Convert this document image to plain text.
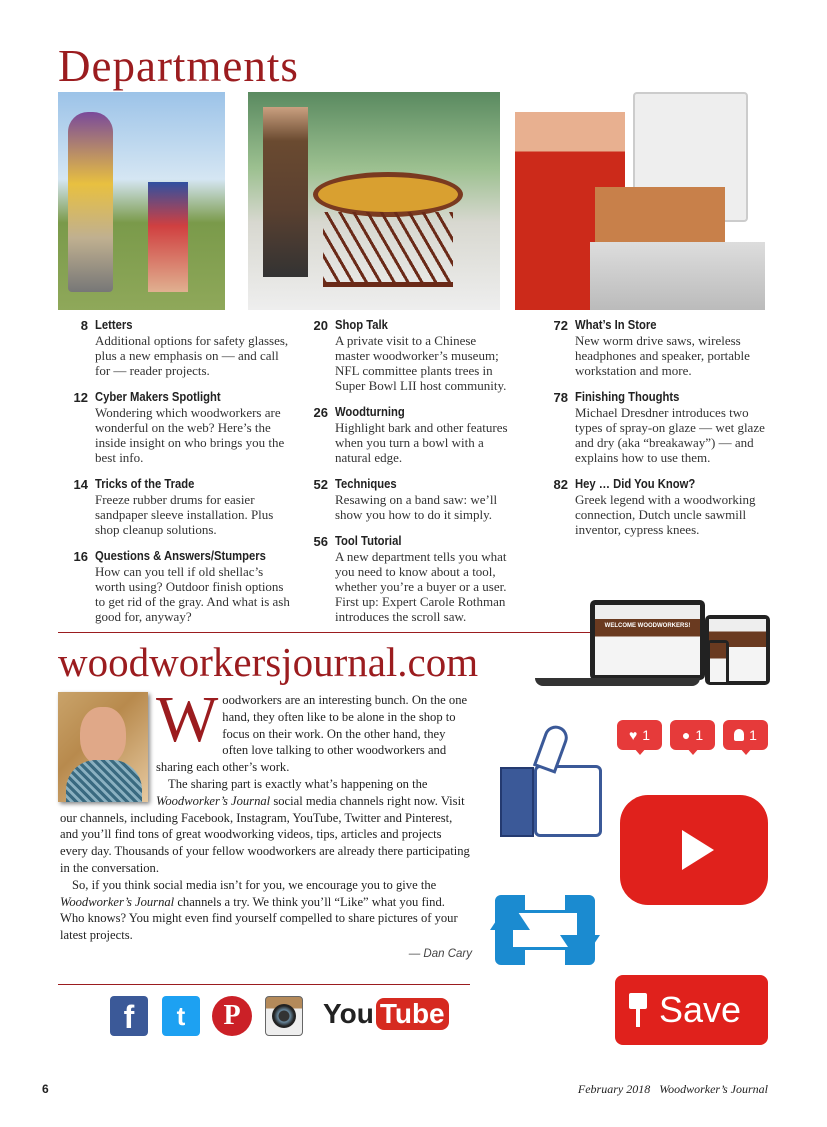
Departments
8 Letters
Additional options for safety glasses, plus a new emphasis on — and call for — reader projects.
12 Cyber Makers Spotlight
Wondering which woodworkers are wonderful on the web? Here’s the inside insight on who brings you the best info.
14 Tricks of the Trade
Freeze rubber drums for easier sandpaper sleeve installation. Plus shop cleanup solutions.
16 Questions & Answers/Stumpers
How can you tell if old shellac’s worth using? Outdoor finish options to get rid of the gray. And what is ash good for, anyway?
20 Shop Talk
A private visit to a Chinese master woodworker’s museum; NFL committee plants trees in Super Bowl LII host community.
26 Woodturning
Highlight bark and other features when you turn a bowl with a natural edge.
52 Techniques
Resawing on a band saw: we’ll show you how to do it simply.
56 Tool Tutorial
A new department tells you what you need to know about a tool, whether you’re a buyer or a user. First up: Expert Carole Rothman introduces the scroll saw.
72 What’s In Store
New worm drive saws, wireless headphones and speaker, portable workstation and more.
78 Finishing Thoughts
Michael Dresdner introduces two types of spray-on glaze — wet glaze and dry (aka “breakaway”) — and explains how to use them.
82 Hey … Did You Know?
Greek legend with a woodworking connection, Dutch uncle sawmill inventor, cypress knees.
woodworkersjournal.com
WELCOME WOODWORKERS!

Woodworkers are an interesting bunch. On the one hand, they often like to be alone in the shop to focus on their work. On the other hand, they often love talking to other woodworkers and sharing each other’s work.

The sharing part is exactly what’s happening on the Woodworker’s Journal social media channels right now. Visit our channels, including Facebook, Instagram, YouTube, Twitter and Pinterest, and you’ll find tons of great woodworking videos, tips, articles and projects every day. Thousands of your fellow woodworkers are already there participating in the conversation.

So, if you think social media isn’t for you, we encourage you to give the Woodworker’s Journal channels a try. We think you’ll “Like” what you find. Who knows? You might even find yourself compelled to share pictures of your latest projects.

— Dan Cary
f	t	P	You Tube
♥ 1 ● 1	1
Save
6	February 2018 Woodworker’s Journal
